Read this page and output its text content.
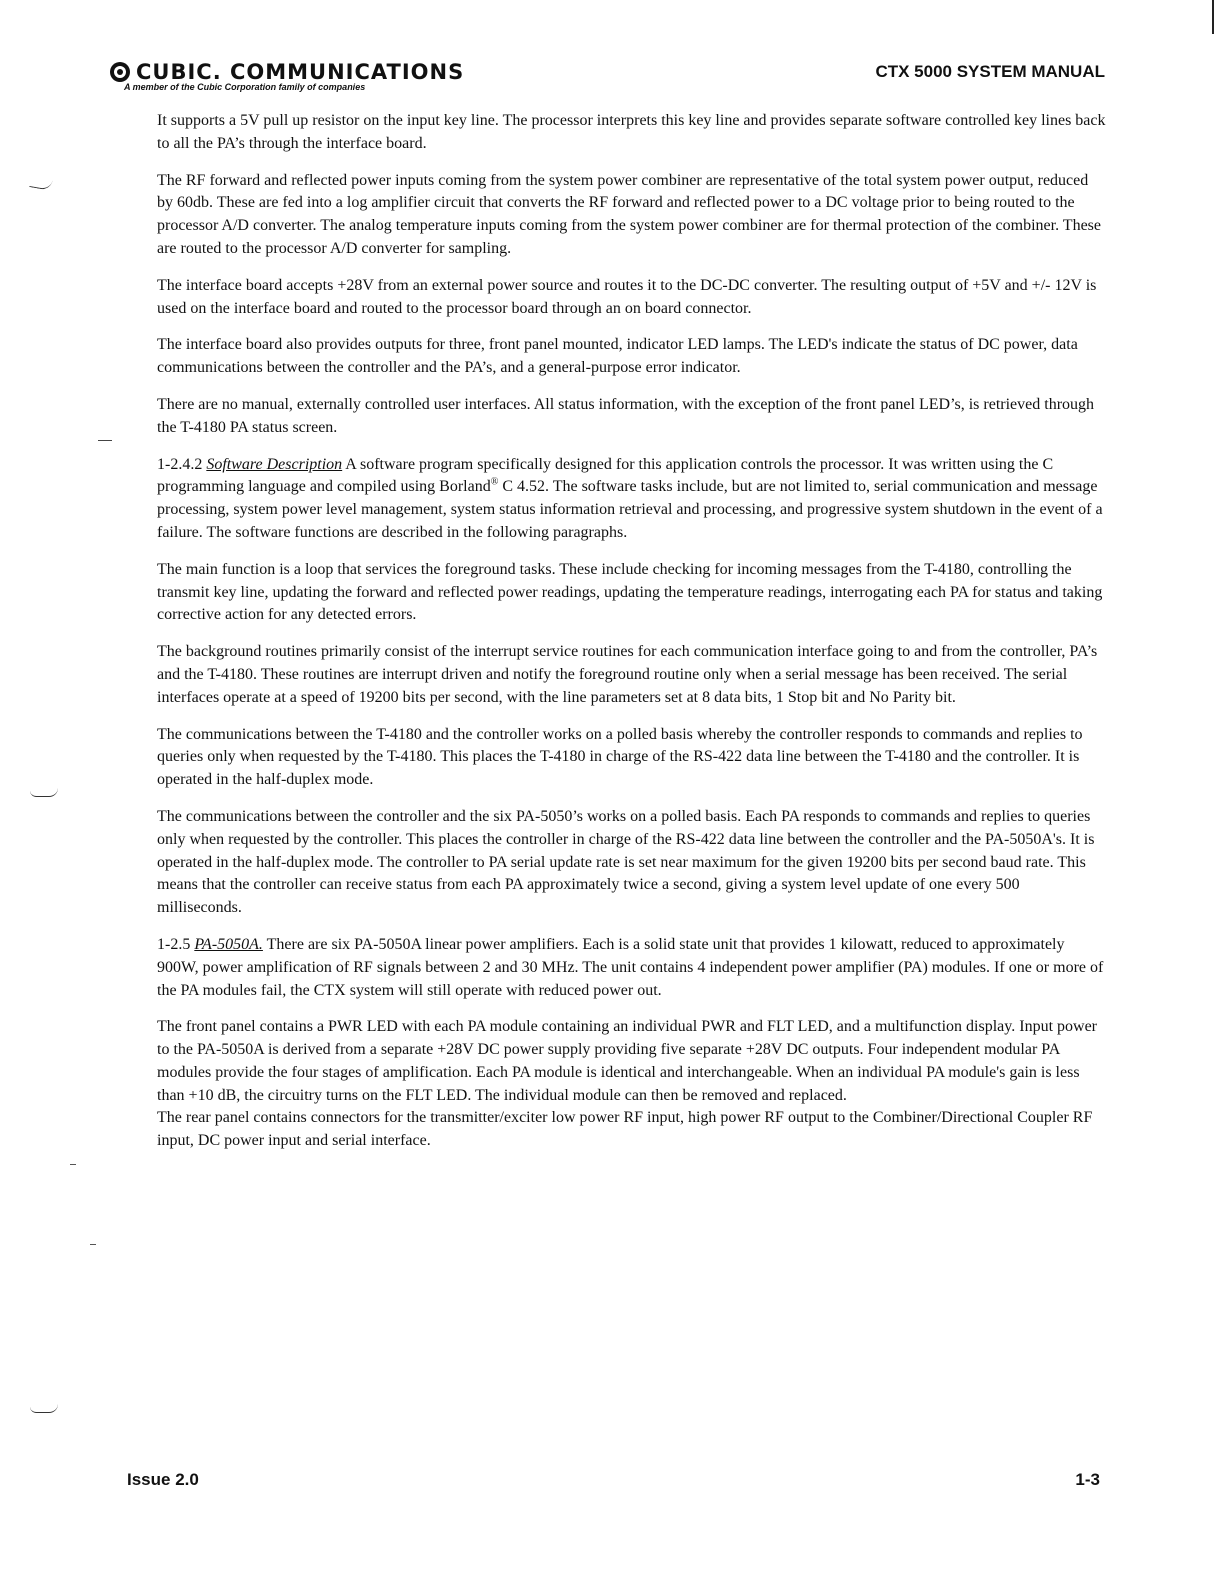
CUBIC. COMMUNICATIONS
A member of the Cubic Corporation family of companies
CTX 5000 SYSTEM MANUAL

It supports a 5V pull up resistor on the input key line. The processor interprets this key line and provides separate software controlled key lines back to all the PA’s through the interface board.

The RF forward and reflected power inputs coming from the system power combiner are representative of the total system power output, reduced by 60db. These are fed into a log amplifier circuit that converts the RF forward and reflected power to a DC voltage prior to being routed to the processor A/D converter. The analog temperature inputs coming from the system power combiner are for thermal protection of the combiner. These are routed to the processor A/D converter for sampling.

The interface board accepts +28V from an external power source and routes it to the DC-DC converter. The resulting output of +5V and +/- 12V is used on the interface board and routed to the processor board through an on board connector.

The interface board also provides outputs for three, front panel mounted, indicator LED lamps. The LED's indicate the status of DC power, data communications between the controller and the PA’s, and a general-purpose error indicator.

There are no manual, externally controlled user interfaces. All status information, with the exception of the front panel LED’s, is retrieved through the T-4180 PA status screen.

1-2.4.2 Software Description A software program specifically designed for this application controls the processor. It was written using the C programming language and compiled using Borland® C 4.52. The software tasks include, but are not limited to, serial communication and message processing, system power level management, system status information retrieval and processing, and progressive system shutdown in the event of a failure. The software functions are described in the following paragraphs.

The main function is a loop that services the foreground tasks. These include checking for incoming messages from the T-4180, controlling the transmit key line, updating the forward and reflected power readings, updating the temperature readings, interrogating each PA for status and taking corrective action for any detected errors.

The background routines primarily consist of the interrupt service routines for each communication interface going to and from the controller, PA’s and the T-4180. These routines are interrupt driven and notify the foreground routine only when a serial message has been received. The serial interfaces operate at a speed of 19200 bits per second, with the line parameters set at 8 data bits, 1 Stop bit and No Parity bit.

The communications between the T-4180 and the controller works on a polled basis whereby the controller responds to commands and replies to queries only when requested by the T-4180. This places the T-4180 in charge of the RS-422 data line between the T-4180 and the controller. It is operated in the half-duplex mode.

The communications between the controller and the six PA-5050’s works on a polled basis. Each PA responds to commands and replies to queries only when requested by the controller. This places the controller in charge of the RS-422 data line between the controller and the PA-5050A's. It is operated in the half-duplex mode. The controller to PA serial update rate is set near maximum for the given 19200 bits per second baud rate. This means that the controller can receive status from each PA approximately twice a second, giving a system level update of one every 500 milliseconds.

1-2.5 PA-5050A. There are six PA-5050A linear power amplifiers. Each is a solid state unit that provides 1 kilowatt, reduced to approximately 900W, power amplification of RF signals between 2 and 30 MHz. The unit contains 4 independent power amplifier (PA) modules. If one or more of the PA modules fail, the CTX system will still operate with reduced power out.

The front panel contains a PWR LED with each PA module containing an individual PWR and FLT LED, and a multifunction display. Input power to the PA-5050A is derived from a separate +28V DC power supply providing five separate +28V DC outputs. Four independent modular PA modules provide the four stages of amplification. Each PA module is identical and interchangeable. When an individual PA module's gain is less than +10 dB, the circuitry turns on the FLT LED. The individual module can then be removed and replaced.

The rear panel contains connectors for the transmitter/exciter low power RF input, high power RF output to the Combiner/Directional Coupler RF input, DC power input and serial interface.

Issue 2.0	1-3
